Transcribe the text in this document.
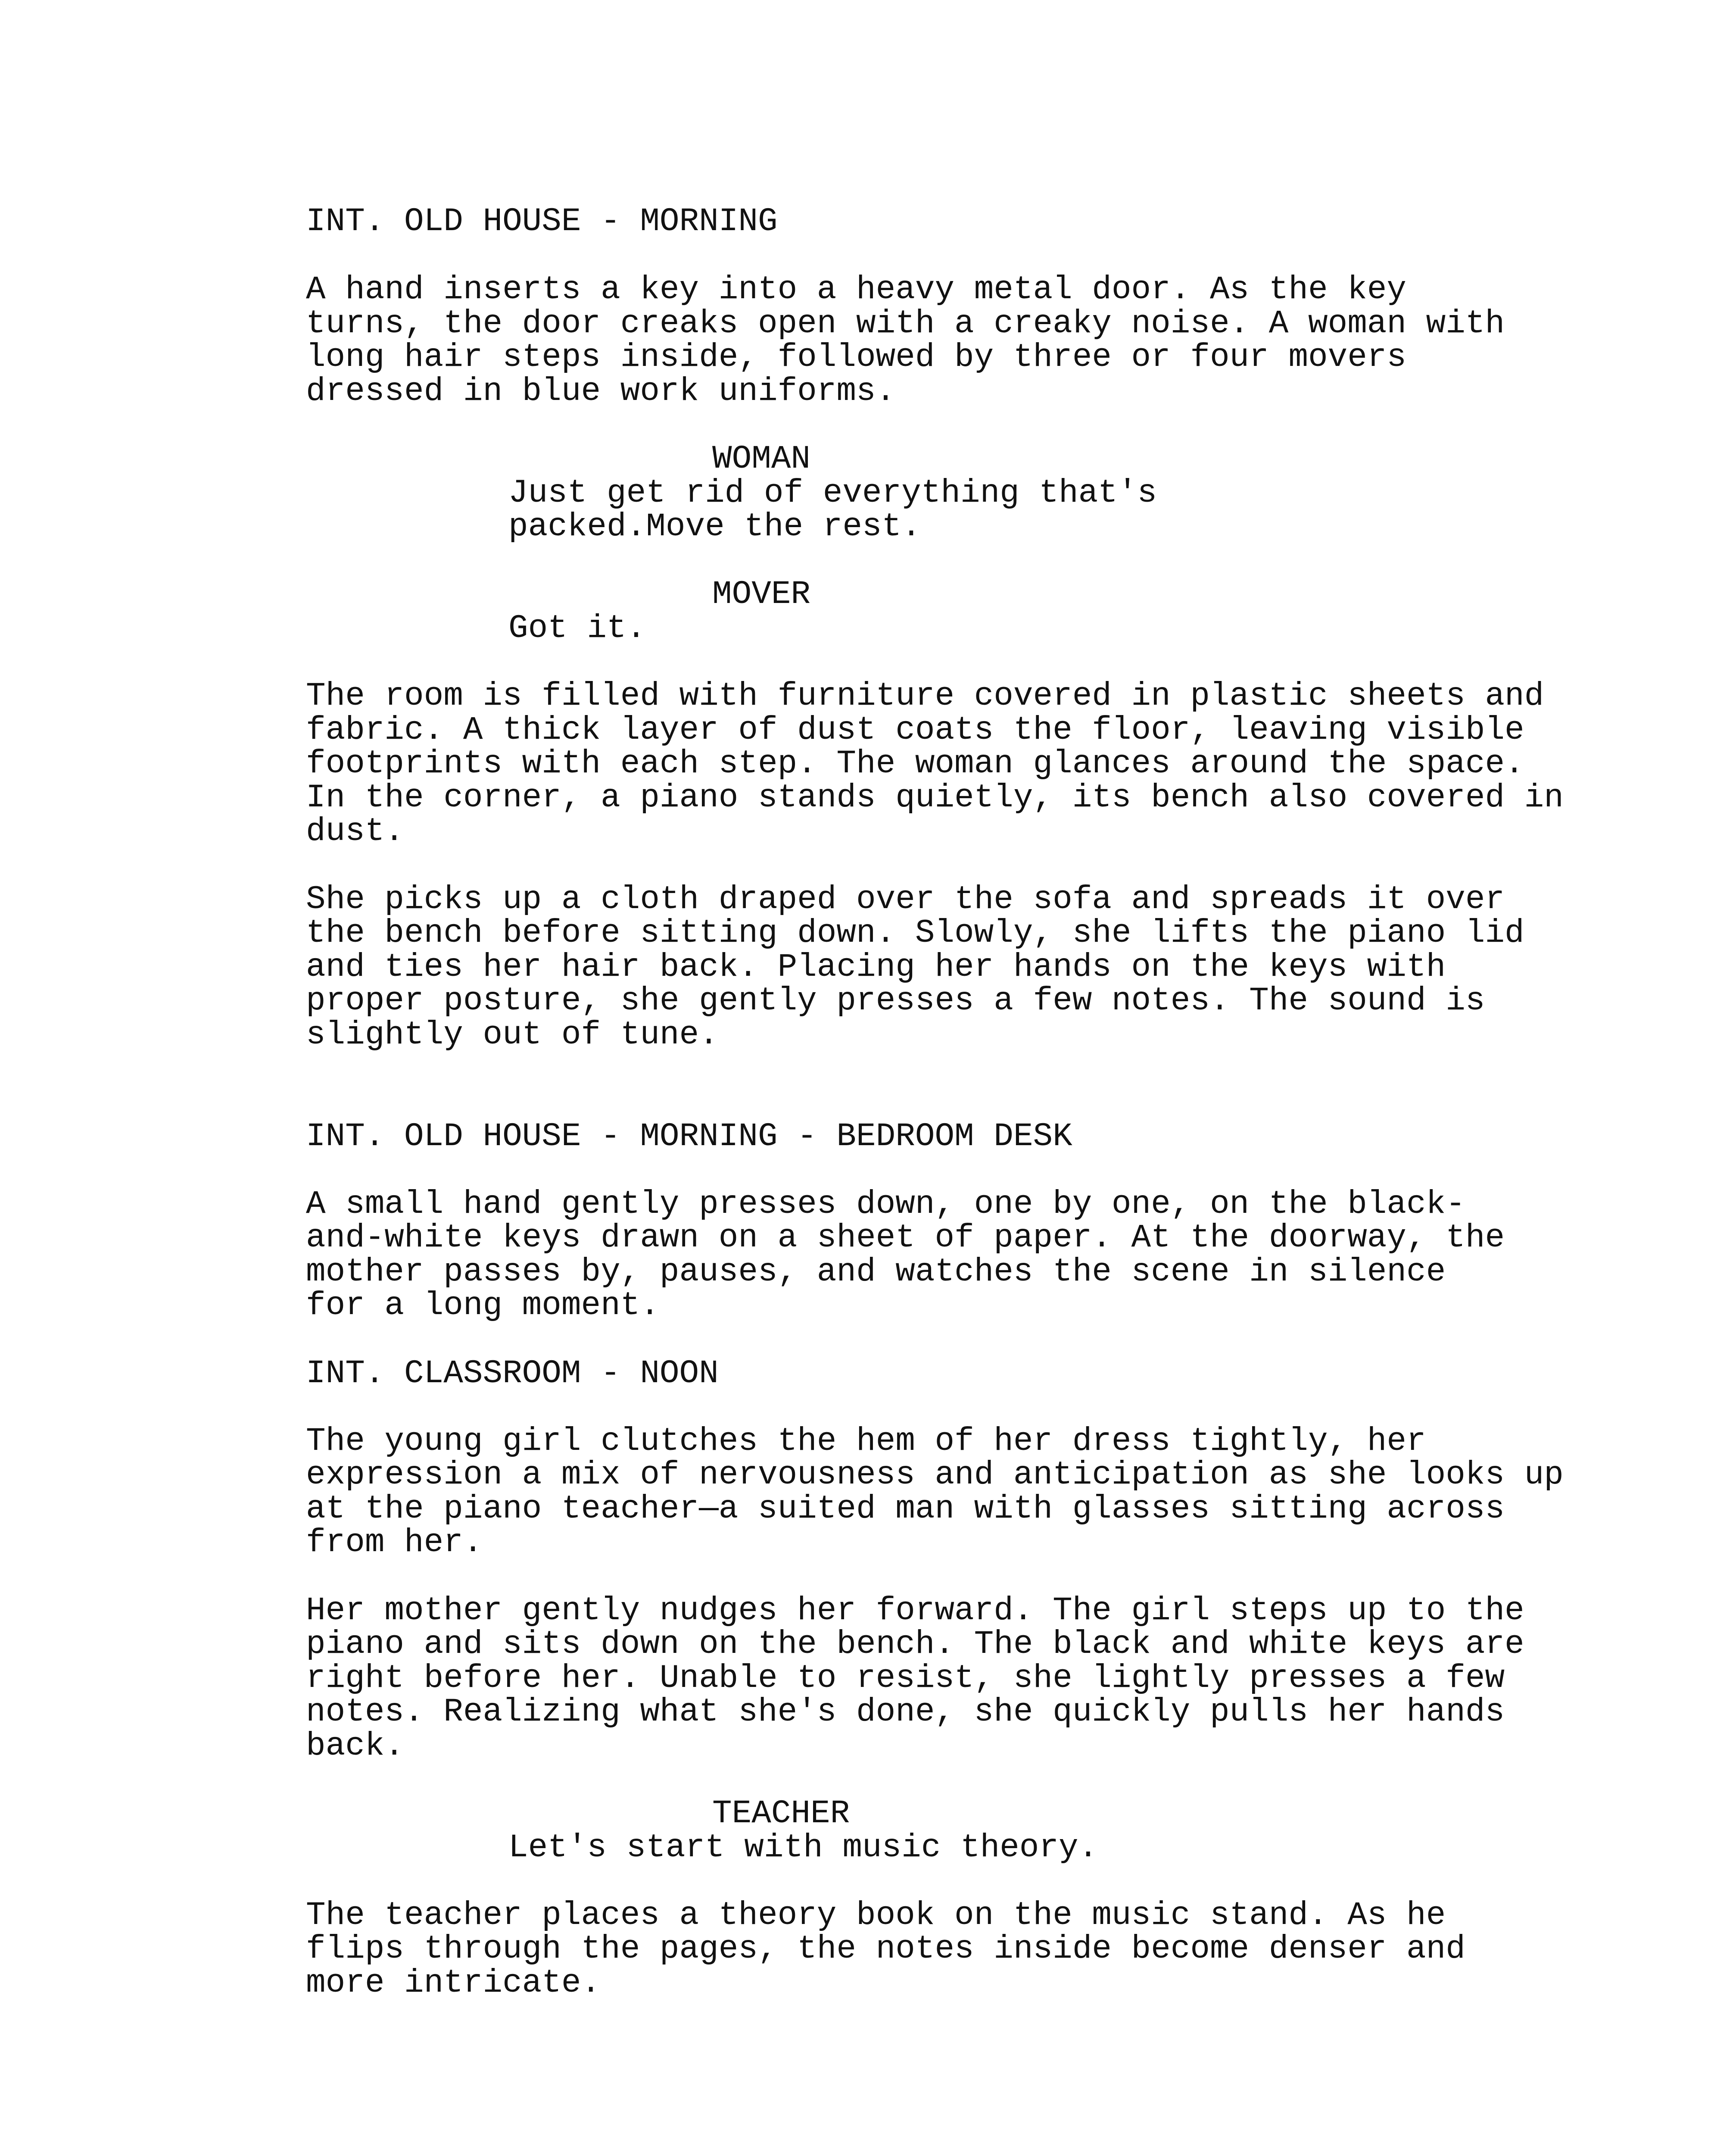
INT. OLD HOUSE - MORNING
A hand inserts a key into a heavy metal door. As the key
turns, the door creaks open with a creaky noise. A woman with
long hair steps inside, followed by three or four movers
dressed in blue work uniforms.
WOMAN
Just get rid of everything that's
packed.Move the rest.
MOVER
Got it.
The room is filled with furniture covered in plastic sheets and
fabric. A thick layer of dust coats the floor, leaving visible
footprints with each step. The woman glances around the space.
In the corner, a piano stands quietly, its bench also covered in
dust.
She picks up a cloth draped over the sofa and spreads it over
the bench before sitting down. Slowly, she lifts the piano lid
and ties her hair back. Placing her hands on the keys with
proper posture, she gently presses a few notes. The sound is
slightly out of tune.
INT. OLD HOUSE - MORNING - BEDROOM DESK
A small hand gently presses down, one by one, on the black-
and-white keys drawn on a sheet of paper. At the doorway, the
mother passes by, pauses, and watches the scene in silence
for a long moment.
INT. CLASSROOM - NOON
The young girl clutches the hem of her dress tightly, her
expression a mix of nervousness and anticipation as she looks up
at the piano teacher—a suited man with glasses sitting across
from her.
Her mother gently nudges her forward. The girl steps up to the
piano and sits down on the bench. The black and white keys are
right before her. Unable to resist, she lightly presses a few
notes. Realizing what she's done, she quickly pulls her hands
back.
TEACHER
Let's start with music theory.
The teacher places a theory book on the music stand. As he
flips through the pages, the notes inside become denser and
more intricate.
